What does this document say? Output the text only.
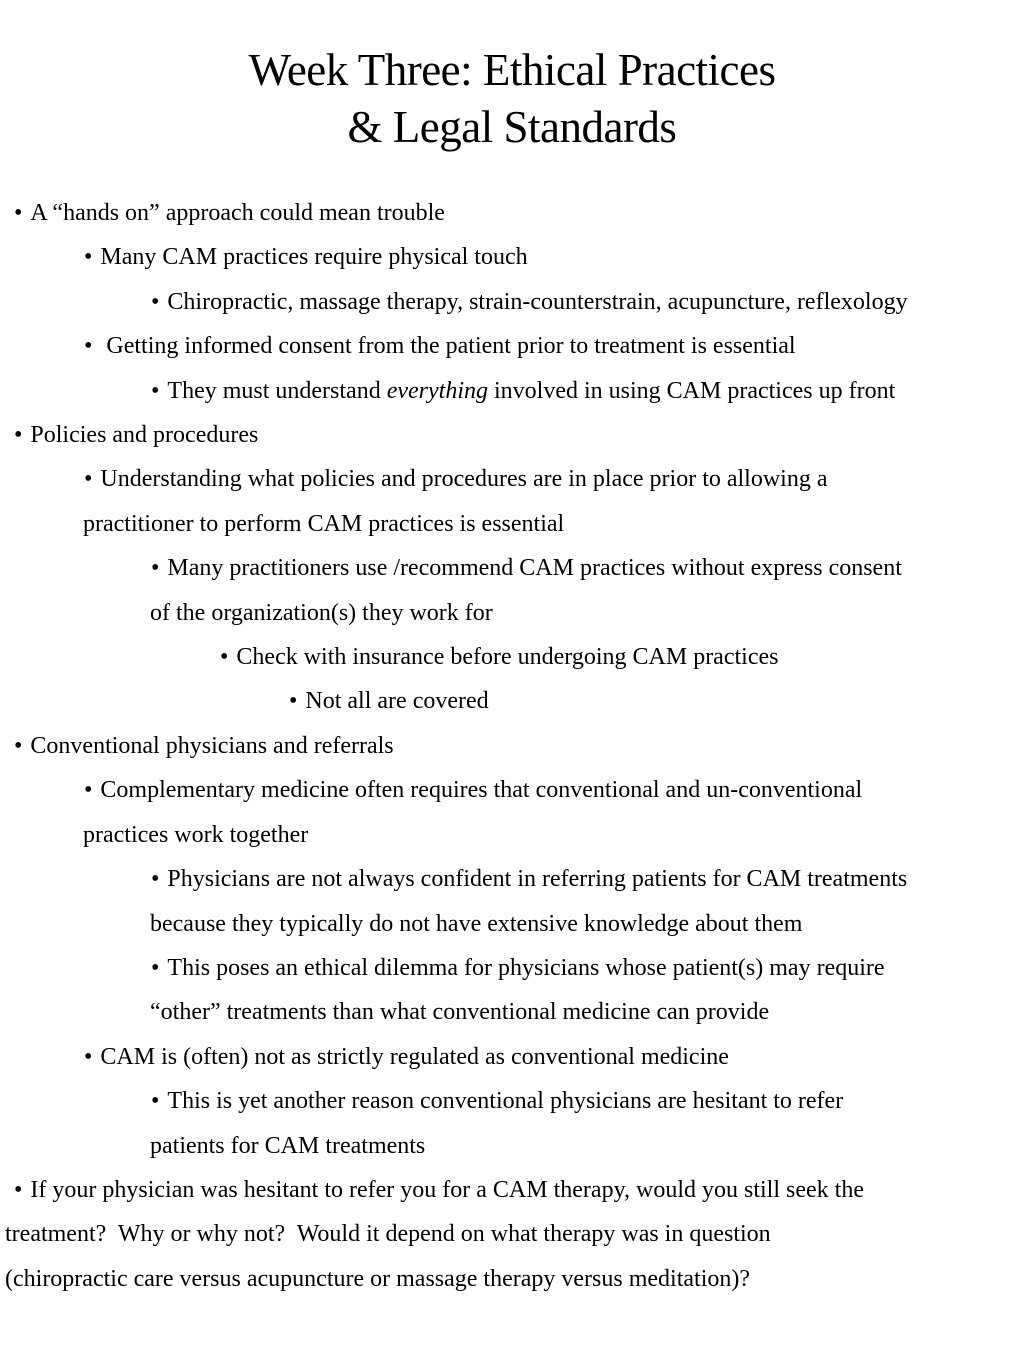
Week Three: Ethical Practices
& Legal Standards
• A “hands on” approach could mean trouble
• Many CAM practices require physical touch
• Chiropractic, massage therapy, strain-counterstrain, acupuncture, reflexology
•  Getting informed consent from the patient prior to treatment is essential
• They must understand everything involved in using CAM practices up front
• Policies and procedures
• Understanding what policies and procedures are in place prior to allowing a
practitioner to perform CAM practices is essential
• Many practitioners use /recommend CAM practices without express consent
of the organization(s) they work for
• Check with insurance before undergoing CAM practices
• Not all are covered
• Conventional physicians and referrals
• Complementary medicine often requires that conventional and un-conventional
practices work together
• Physicians are not always confident in referring patients for CAM treatments
because they typically do not have extensive knowledge about them
• This poses an ethical dilemma for physicians whose patient(s) may require
“other” treatments than what conventional medicine can provide
• CAM is (often) not as strictly regulated as conventional medicine
• This is yet another reason conventional physicians are hesitant to refer
patients for CAM treatments
• If your physician was hesitant to refer you for a CAM therapy, would you still seek the
treatment?  Why or why not?  Would it depend on what therapy was in question
(chiropractic care versus acupuncture or massage therapy versus meditation)?
